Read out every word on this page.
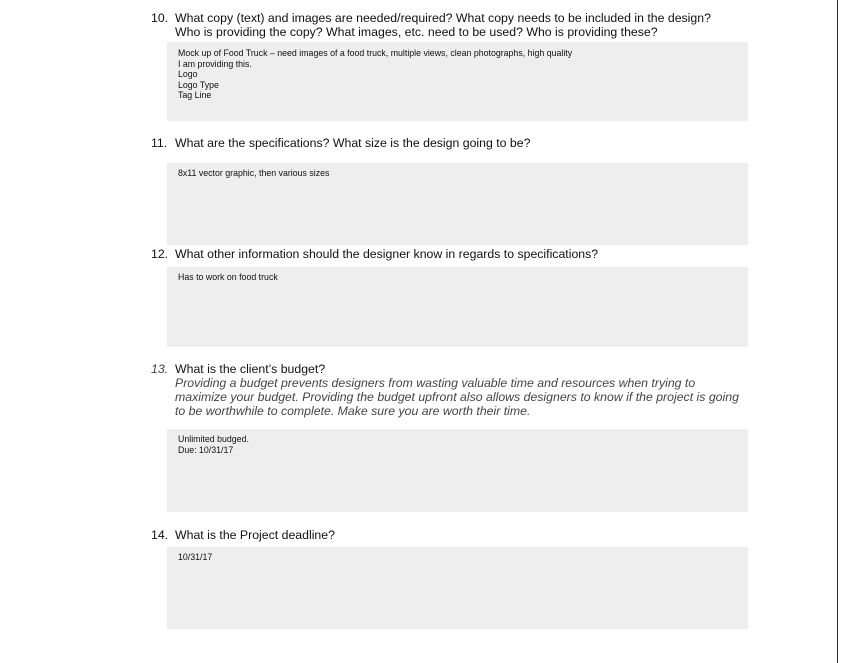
10. What copy (text) and images are needed/required? What copy needs to be included in the design?
Who is providing the copy? What images, etc. need to be used? Who is providing these?
Mock up of Food Truck – need images of a food truck, multiple views, clean photographs, high quality
I am providing this.
Logo
Logo Type
Tag Line
11. What are the specifications? What size is the design going to be?
8x11 vector graphic, then various sizes
12. What other information should the designer know in regards to specifications?
Has to work on food truck
13. What is the client’s budget?
Providing a budget prevents designers from wasting valuable time and resources when trying to
maximize your budget. Providing the budget upfront also allows designers to know if the project is going
to be worthwhile to complete. Make sure you are worth their time.
Unlimited budged.
Due: 10/31/17
14. What is the Project deadline?
10/31/17
